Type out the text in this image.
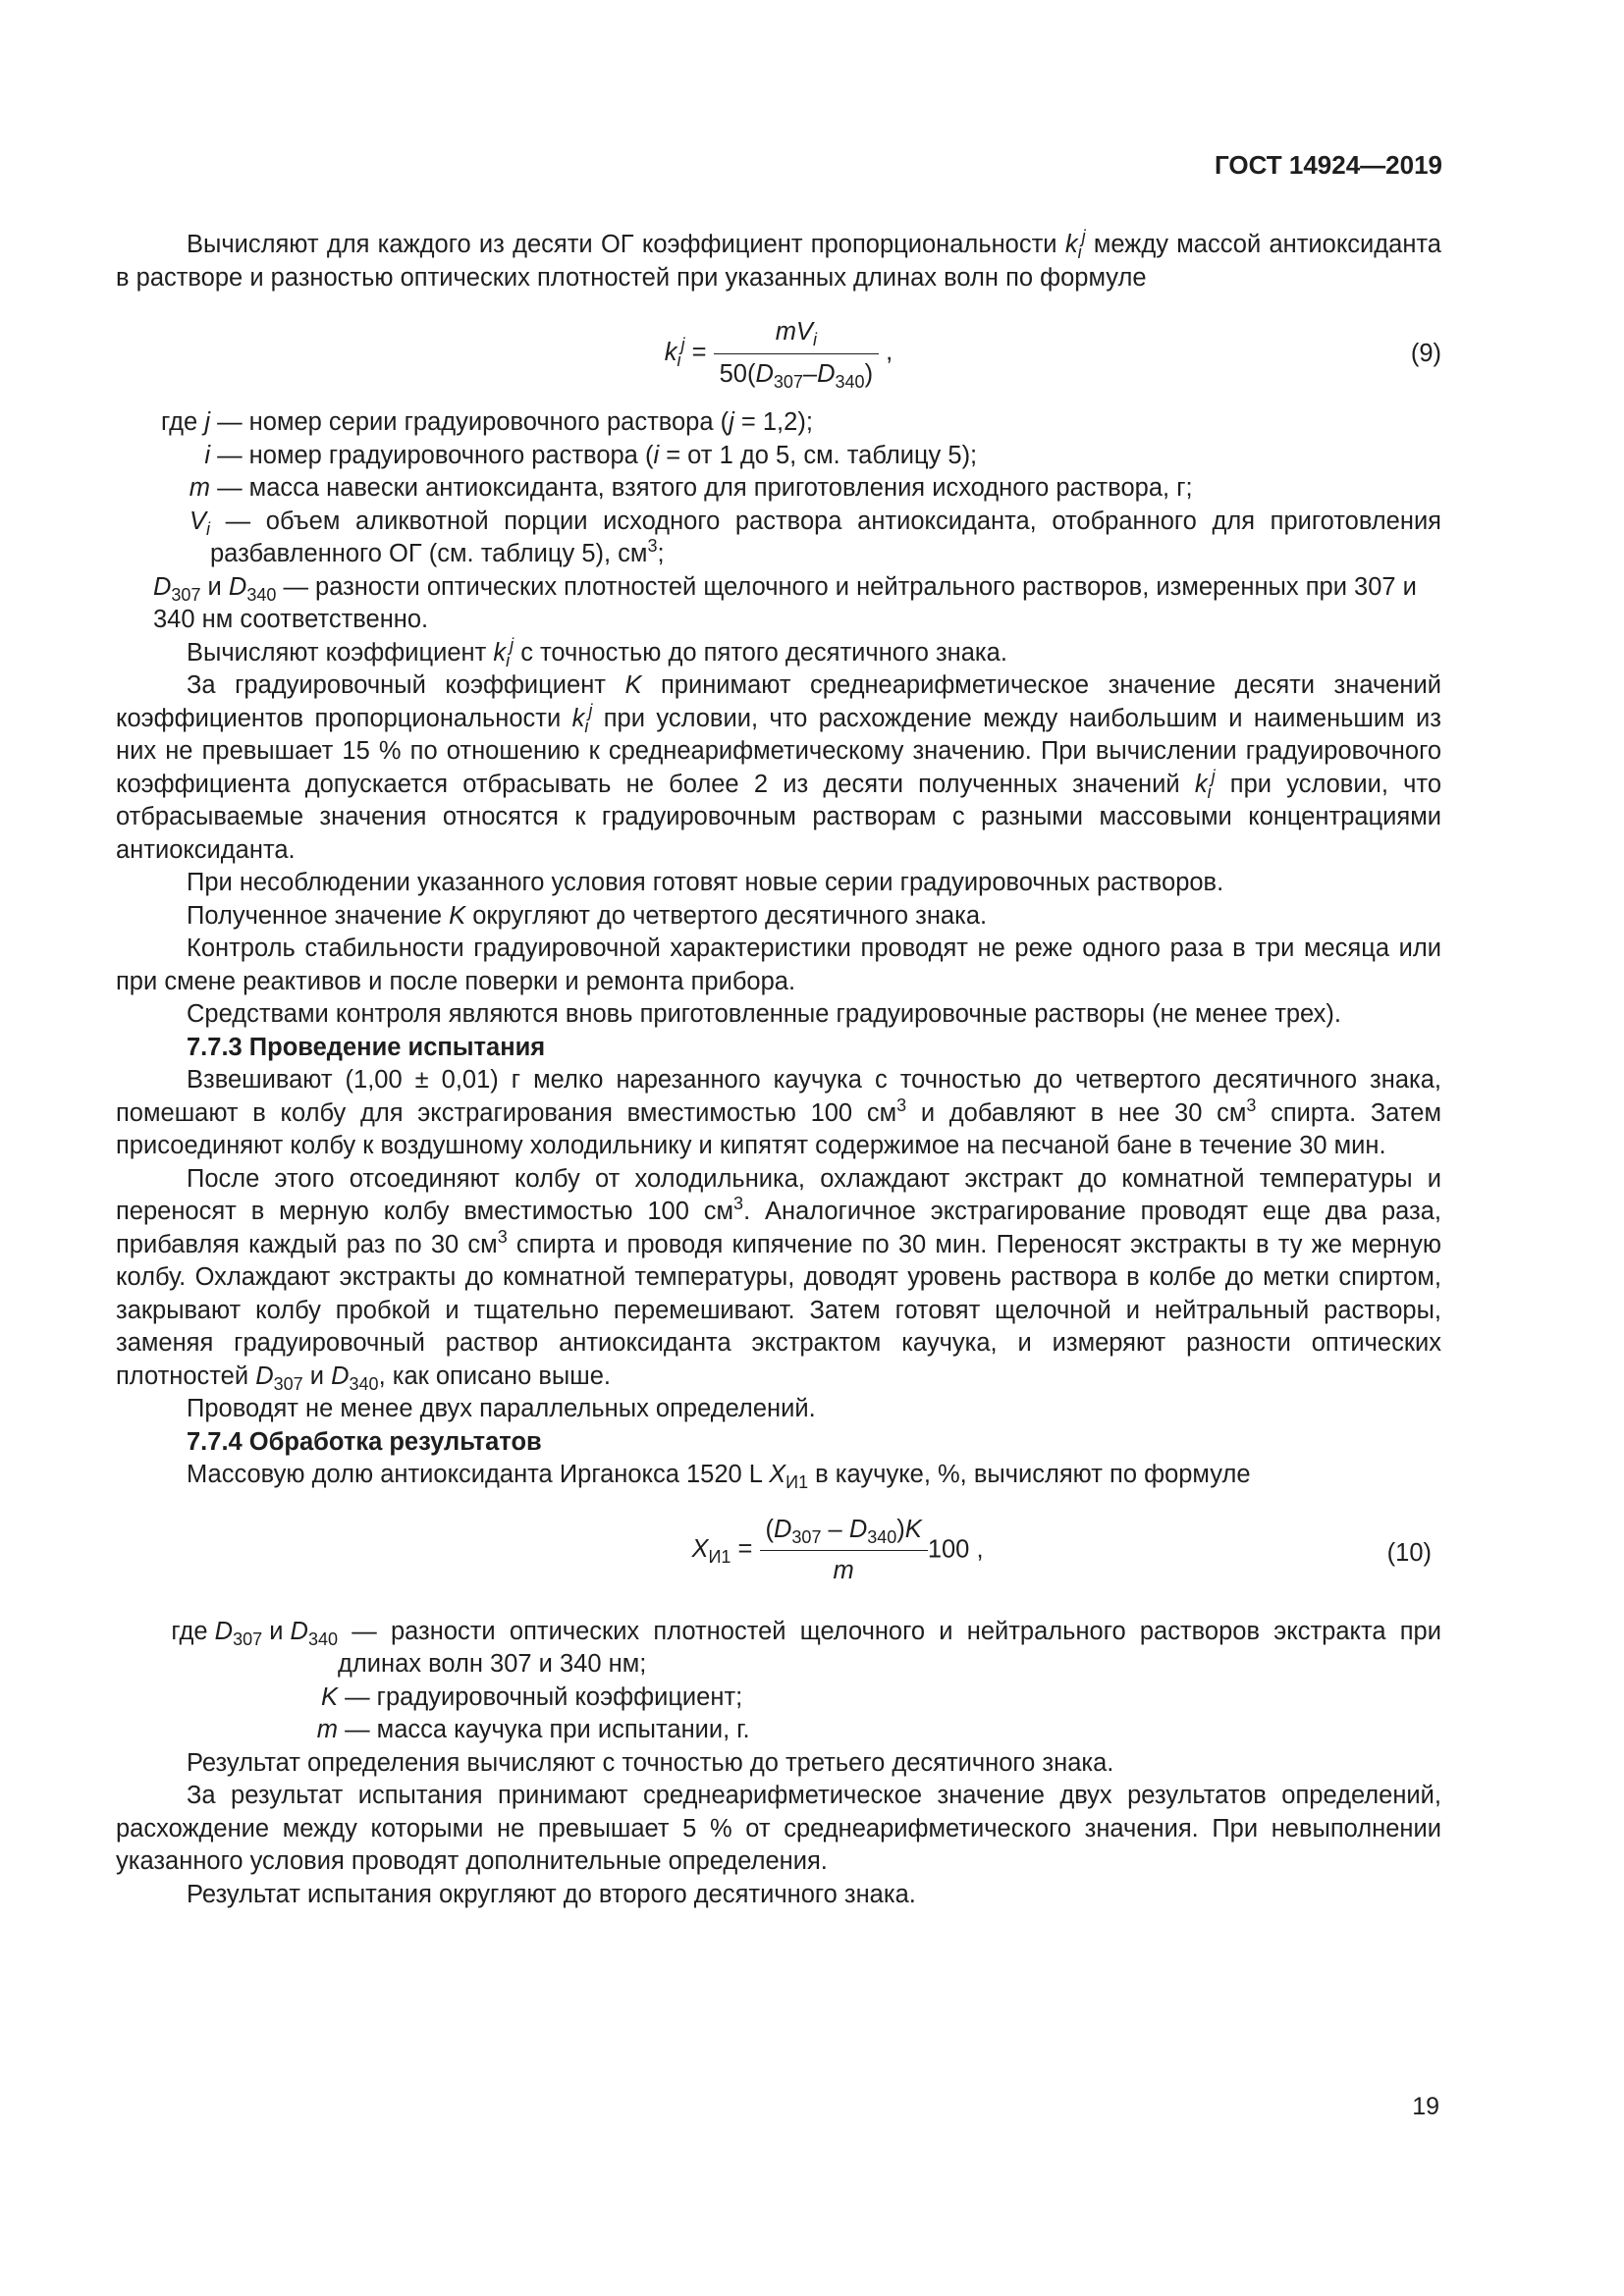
ГОСТ 14924—2019

Вычисляют для каждого из десяти ОГ коэффициент пропорциональности $k_i^j$ между массой антиоксиданта в растворе и разностью оптических плотностей при указанных длинах волн по формуле

$k_i^j = \frac{mV_i}{50(D_{307}-D_{340})}$ ,	(9)
где j — номер серии градуировочного раствора (j = 1,2);
i — номер градуировочного раствора (i = от 1 до 5, см. таблицу 5);
m — масса навески антиоксиданта, взятого для приготовления исходного раствора, г;
$V_i$ — объем аликвотной порции исходного раствора антиоксиданта, отобранного для приготовления разбавленного ОГ (см. таблицу 5), $см^3$;
$D_{307}$ и $D_{340}$ — разности оптических плотностей щелочного и нейтрального растворов, измеренных при 307 и 340 нм соответственно.

Вычисляют коэффициент $k_i^j$ с точностью до пятого десятичного знака.

За градуировочный коэффициент K принимают среднеарифметическое значение десяти значений коэффициентов пропорциональности $k_i^j$ при условии, что расхождение между наибольшим и наименьшим из них не превышает 15 % по отношению к среднеарифметическому значению. При вычислении градуировочного коэффициента допускается отбрасывать не более 2 из десяти полученных значений $k_i^j$ при условии, что отбрасываемые значения относятся к градуировочным растворам с разными массовыми концентрациями антиоксиданта.

При несоблюдении указанного условия готовят новые серии градуировочных растворов.

Полученное значение K округляют до четвертого десятичного знака.

Контроль стабильности градуировочной характеристики проводят не реже одного раза в три месяца или при смене реактивов и после поверки и ремонта прибора.

Средствами контроля являются вновь приготовленные градуировочные растворы (не менее трех).

7.7.3 Проведение испытания

Взвешивают (1,00 ± 0,01) г мелко нарезанного каучука с точностью до четвертого десятичного знака, помешают в колбу для экстрагирования вместимостью 100 $см^3$ и добавляют в нее 30 $см^3$ спирта. Затем присоединяют колбу к воздушному холодильнику и кипятят содержимое на песчаной бане в течение 30 мин.

После этого отсоединяют колбу от холодильника, охлаждают экстракт до комнатной температуры и переносят в мерную колбу вместимостью 100 $см^3$. Аналогичное экстрагирование проводят еще два раза, прибавляя каждый раз по 30 $см^3$ спирта и проводя кипячение по 30 мин. Переносят экстракты в ту же мерную колбу. Охлаждают экстракты до комнатной температуры, доводят уровень раствора в колбе до метки спиртом, закрывают колбу пробкой и тщательно перемешивают. Затем готовят щелочной и нейтральный растворы, заменяя градуировочный раствор антиоксиданта экстрактом каучука, и измеряют разности оптических плотностей $D_{307}$ и $D_{340}$, как описано выше.

Проводят не менее двух параллельных определений.

7.7.4 Обработка результатов

Массовую долю антиоксиданта Ирганокса 1520 L $X_{И1}$ в каучуке, %, вычисляют по формуле

$X_{И1} = \frac{(D_{307} - D_{340})K}{m} 100$ ,	(10)
где $D_{307}$ и $D_{340}$ — разности оптических плотностей щелочного и нейтрального растворов экстракта при длинах волн 307 и 340 нм;
K — градуировочный коэффициент;
m — масса каучука при испытании, г.

Результат определения вычисляют с точностью до третьего десятичного знака.

За результат испытания принимают среднеарифметическое значение двух результатов определений, расхождение между которыми не превышает 5 % от среднеарифметического значения. При невыполнении указанного условия проводят дополнительные определения.

Результат испытания округляют до второго десятичного знака.

19
